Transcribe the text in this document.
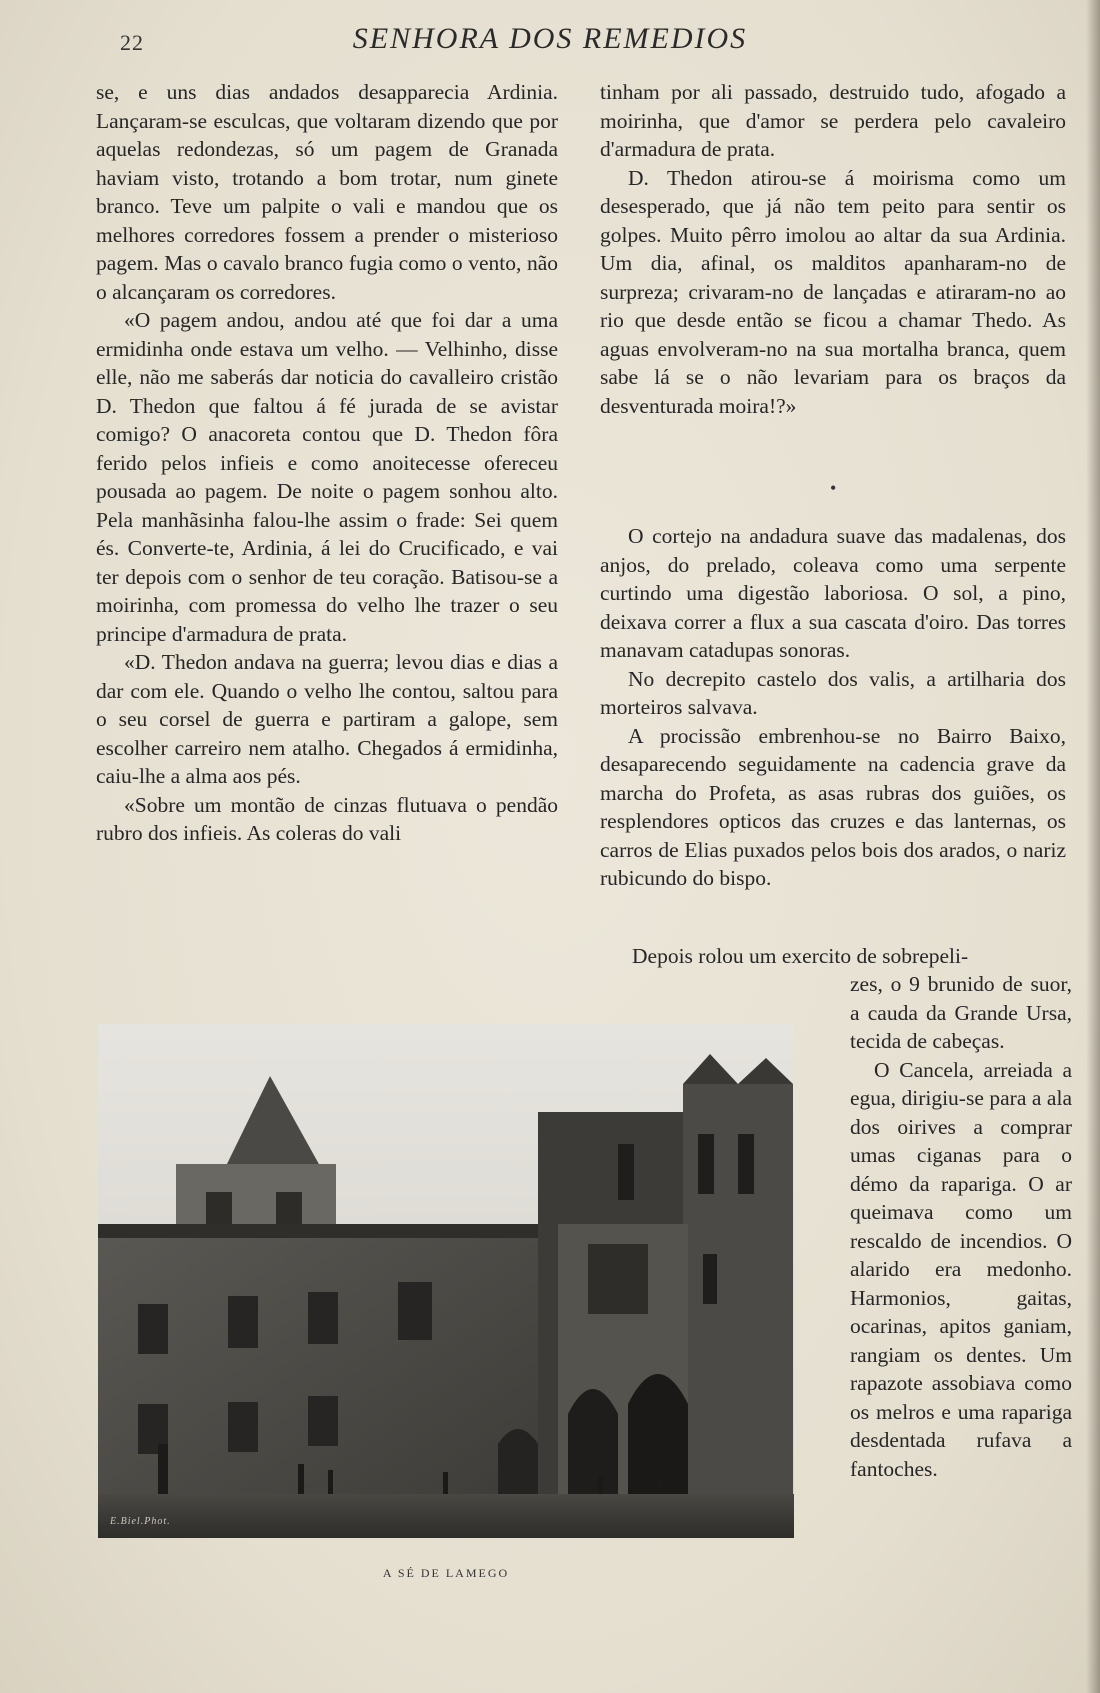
22	SENHORA DOS REMEDIOS

se, e uns dias andados desapparecia Ardinia. Lançaram-se esculcas, que voltaram dizendo que por aquelas redondezas, só um pagem de Granada haviam visto, trotando a bom trotar, num ginete branco. Teve um palpite o vali e mandou que os melhores corredores fossem a prender o misterioso pagem. Mas o cavalo branco fugia como o vento, não o alcançaram os corredores.

«O pagem andou, andou até que foi dar a uma ermidinha onde estava um velho. — Velhinho, disse elle, não me saberás dar noticia do cavalleiro cristão D. Thedon que faltou á fé jurada de se avistar comigo? O anacoreta contou que D. Thedon fôra ferido pelos infieis e como anoitecesse ofereceu pousada ao pagem. De noite o pagem sonhou alto. Pela manhãsinha falou-lhe assim o frade: Sei quem és. Converte-te, Ardinia, á lei do Crucificado, e vai ter depois com o senhor de teu coração. Batisou-se a moirinha, com promessa do velho lhe trazer o seu principe d'armadura de prata.

«D. Thedon andava na guerra; levou dias e dias a dar com ele. Quando o velho lhe contou, saltou para o seu corsel de guerra e partiram a galope, sem escolher carreiro nem atalho. Chegados á ermidinha, caiu-lhe a alma aos pés.

«Sobre um montão de cinzas flutuava o pendão rubro dos infieis. As coleras do vali

tinham por ali passado, destruido tudo, afogado a moirinha, que d'amor se perdera pelo cavaleiro d'armadura de prata.

D. Thedon atirou-se á moirisma como um desesperado, que já não tem peito para sentir os golpes. Muito pêrro imolou ao altar da sua Ardinia. Um dia, afinal, os malditos apanharam-no de surpreza; crivaram-no de lançadas e atiraram-no ao rio que desde então se ficou a chamar Thedo. As aguas envolveram-no na sua mortalha branca, quem sabe lá se o não levariam para os braços da desventurada moira!?»

•

O cortejo na andadura suave das madalenas, dos anjos, do prelado, coleava como uma serpente curtindo uma digestão laboriosa. O sol, a pino, deixava correr a flux a sua cascata d'oiro. Das torres manavam catadupas sonoras.

No decrepito castelo dos valis, a artilharia dos morteiros salvava.

A procissão embrenhou-se no Bairro Baixo, desaparecendo seguidamente na cadencia grave da marcha do Profeta, as asas rubras dos guiões, os resplendores opticos das cruzes e das lanternas, os carros de Elias puxados pelos bois dos arados, o nariz rubicundo do bispo.

Depois rolou um exercito de sobrepeli-

zes, o 9 brunido de suor, a cauda da Grande Ursa, tecida de cabeças.

O Cancela, arreiada a egua, dirigiu-se para a ala dos oirives a comprar umas ciganas para o démo da rapariga. O ar queimava como um rescaldo de incendios. O alarido era medonho. Harmonios, gaitas, ocarinas, apitos ganiam, rangiam os dentes. Um rapazote assobiava como os melros e uma rapariga desdentada rufava a fantoches.

E.Biel.Phot.
A SÉ DE LAMEGO
